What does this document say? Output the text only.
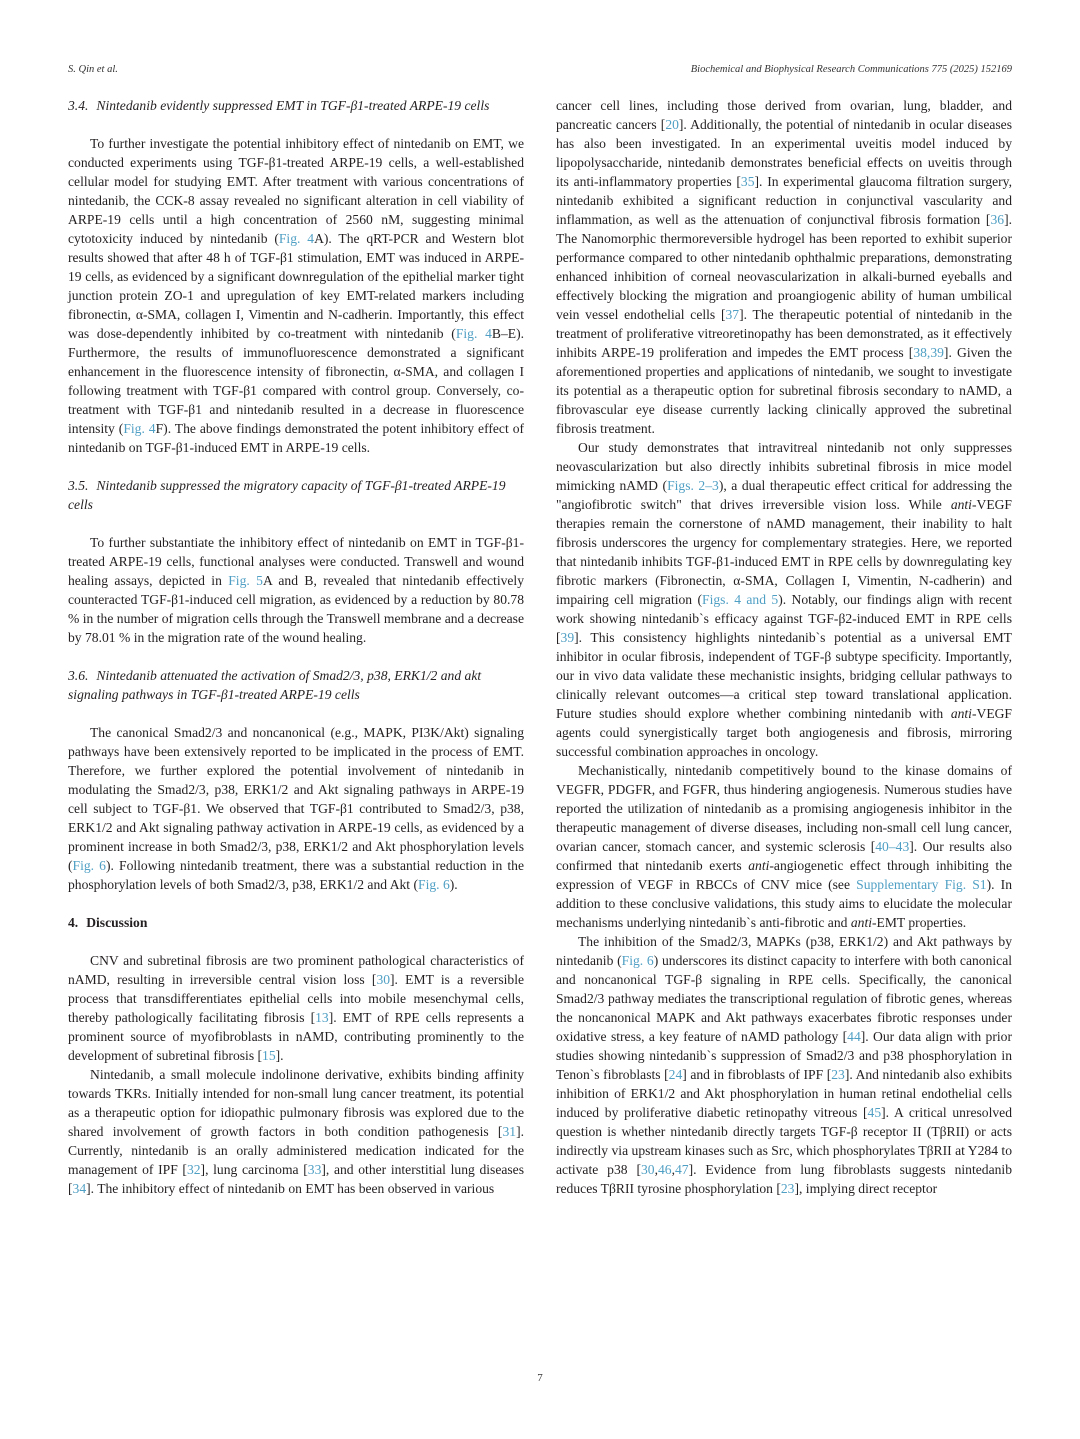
S. Qin et al.	Biochemical and Biophysical Research Communications 775 (2025) 152169
3.4. Nintedanib evidently suppressed EMT in TGF-β1-treated ARPE-19 cells

To further investigate the potential inhibitory effect of nintedanib on EMT, we conducted experiments using TGF-β1-treated ARPE-19 cells, a well-established cellular model for studying EMT. After treatment with various concentrations of nintedanib, the CCK-8 assay revealed no significant alteration in cell viability of ARPE-19 cells until a high concentration of 2560 nM, suggesting minimal cytotoxicity induced by nintedanib (Fig. 4A). The qRT-PCR and Western blot results showed that after 48 h of TGF-β1 stimulation, EMT was induced in ARPE-19 cells, as evidenced by a significant downregulation of the epithelial marker tight junction protein ZO-1 and upregulation of key EMT-related markers including fibronectin, α-SMA, collagen I, Vimentin and N-cadherin. Importantly, this effect was dose-dependently inhibited by co-treatment with nintedanib (Fig. 4B–E). Furthermore, the results of immunofluorescence demonstrated a significant enhancement in the fluorescence intensity of fibronectin, α-SMA, and collagen I following treatment with TGF-β1 compared with control group. Conversely, co-treatment with TGF-β1 and nintedanib resulted in a decrease in fluorescence intensity (Fig. 4F). The above findings demonstrated the potent inhibitory effect of nintedanib on TGF-β1-induced EMT in ARPE-19 cells.

3.5. Nintedanib suppressed the migratory capacity of TGF-β1-treated ARPE-19 cells

To further substantiate the inhibitory effect of nintedanib on EMT in TGF-β1-treated ARPE-19 cells, functional analyses were conducted. Transwell and wound healing assays, depicted in Fig. 5A and B, revealed that nintedanib effectively counteracted TGF-β1-induced cell migration, as evidenced by a reduction by 80.78 % in the number of migration cells through the Transwell membrane and a decrease by 78.01 % in the migration rate of the wound healing.

3.6. Nintedanib attenuated the activation of Smad2/3, p38, ERK1/2 and akt signaling pathways in TGF-β1-treated ARPE-19 cells

The canonical Smad2/3 and noncanonical (e.g., MAPK, PI3K/Akt) signaling pathways have been extensively reported to be implicated in the process of EMT. Therefore, we further explored the potential involvement of nintedanib in modulating the Smad2/3, p38, ERK1/2 and Akt signaling pathways in ARPE-19 cell subject to TGF-β1. We observed that TGF-β1 contributed to Smad2/3, p38, ERK1/2 and Akt signaling pathway activation in ARPE-19 cells, as evidenced by a prominent increase in both Smad2/3, p38, ERK1/2 and Akt phosphorylation levels (Fig. 6). Following nintedanib treatment, there was a substantial reduction in the phosphorylation levels of both Smad2/3, p38, ERK1/2 and Akt (Fig. 6).

4. Discussion

CNV and subretinal fibrosis are two prominent pathological characteristics of nAMD, resulting in irreversible central vision loss [30]. EMT is a reversible process that transdifferentiates epithelial cells into mobile mesenchymal cells, thereby pathologically facilitating fibrosis [13]. EMT of RPE cells represents a prominent source of myofibroblasts in nAMD, contributing prominently to the development of subretinal fibrosis [15].

Nintedanib, a small molecule indolinone derivative, exhibits binding affinity towards TKRs. Initially intended for non-small lung cancer treatment, its potential as a therapeutic option for idiopathic pulmonary fibrosis was explored due to the shared involvement of growth factors in both condition pathogenesis [31]. Currently, nintedanib is an orally administered medication indicated for the management of IPF [32], lung carcinoma [33], and other interstitial lung diseases [34]. The inhibitory effect of nintedanib on EMT has been observed in various

cancer cell lines, including those derived from ovarian, lung, bladder, and pancreatic cancers [20]. Additionally, the potential of nintedanib in ocular diseases has also been investigated. In an experimental uveitis model induced by lipopolysaccharide, nintedanib demonstrates beneficial effects on uveitis through its anti-inflammatory properties [35]. In experimental glaucoma filtration surgery, nintedanib exhibited a significant reduction in conjunctival vascularity and inflammation, as well as the attenuation of conjunctival fibrosis formation [36]. The Nanomorphic thermoreversible hydrogel has been reported to exhibit superior performance compared to other nintedanib ophthalmic preparations, demonstrating enhanced inhibition of corneal neovascularization in alkali-burned eyeballs and effectively blocking the migration and proangiogenic ability of human umbilical vein vessel endothelial cells [37]. The therapeutic potential of nintedanib in the treatment of proliferative vitreoretinopathy has been demonstrated, as it effectively inhibits ARPE-19 proliferation and impedes the EMT process [38,39]. Given the aforementioned properties and applications of nintedanib, we sought to investigate its potential as a therapeutic option for subretinal fibrosis secondary to nAMD, a fibrovascular eye disease currently lacking clinically approved the subretinal fibrosis treatment.

Our study demonstrates that intravitreal nintedanib not only suppresses neovascularization but also directly inhibits subretinal fibrosis in mice model mimicking nAMD (Figs. 2–3), a dual therapeutic effect critical for addressing the "angiofibrotic switch" that drives irreversible vision loss. While anti-VEGF therapies remain the cornerstone of nAMD management, their inability to halt fibrosis underscores the urgency for complementary strategies. Here, we reported that nintedanib inhibits TGF-β1-induced EMT in RPE cells by downregulating key fibrotic markers (Fibronectin, α-SMA, Collagen I, Vimentin, N-cadherin) and impairing cell migration (Figs. 4 and 5). Notably, our findings align with recent work showing nintedanib`s efficacy against TGF-β2-induced EMT in RPE cells [39]. This consistency highlights nintedanib`s potential as a universal EMT inhibitor in ocular fibrosis, independent of TGF-β subtype specificity. Importantly, our in vivo data validate these mechanistic insights, bridging cellular pathways to clinically relevant outcomes—a critical step toward translational application. Future studies should explore whether combining nintedanib with anti-VEGF agents could synergistically target both angiogenesis and fibrosis, mirroring successful combination approaches in oncology.

Mechanistically, nintedanib competitively bound to the kinase domains of VEGFR, PDGFR, and FGFR, thus hindering angiogenesis. Numerous studies have reported the utilization of nintedanib as a promising angiogenesis inhibitor in the therapeutic management of diverse diseases, including non-small cell lung cancer, ovarian cancer, stomach cancer, and systemic sclerosis [40–43]. Our results also confirmed that nintedanib exerts anti-angiogenetic effect through inhibiting the expression of VEGF in RBCCs of CNV mice (see Supplementary Fig. S1). In addition to these conclusive validations, this study aims to elucidate the molecular mechanisms underlying nintedanib`s anti-fibrotic and anti-EMT properties.

The inhibition of the Smad2/3, MAPKs (p38, ERK1/2) and Akt pathways by nintedanib (Fig. 6) underscores its distinct capacity to interfere with both canonical and noncanonical TGF-β signaling in RPE cells. Specifically, the canonical Smad2/3 pathway mediates the transcriptional regulation of fibrotic genes, whereas the noncanonical MAPK and Akt pathways exacerbates fibrotic responses under oxidative stress, a key feature of nAMD pathology [44]. Our data align with prior studies showing nintedanib`s suppression of Smad2/3 and p38 phosphorylation in Tenon`s fibroblasts [24] and in fibroblasts of IPF [23]. And nintedanib also exhibits inhibition of ERK1/2 and Akt phosphorylation in human retinal endothelial cells induced by proliferative diabetic retinopathy vitreous [45]. A critical unresolved question is whether nintedanib directly targets TGF-β receptor II (TβRII) or acts indirectly via upstream kinases such as Src, which phosphorylates TβRII at Y284 to activate p38 [30,46,47]. Evidence from lung fibroblasts suggests nintedanib reduces TβRII tyrosine phosphorylation [23], implying direct receptor

7
